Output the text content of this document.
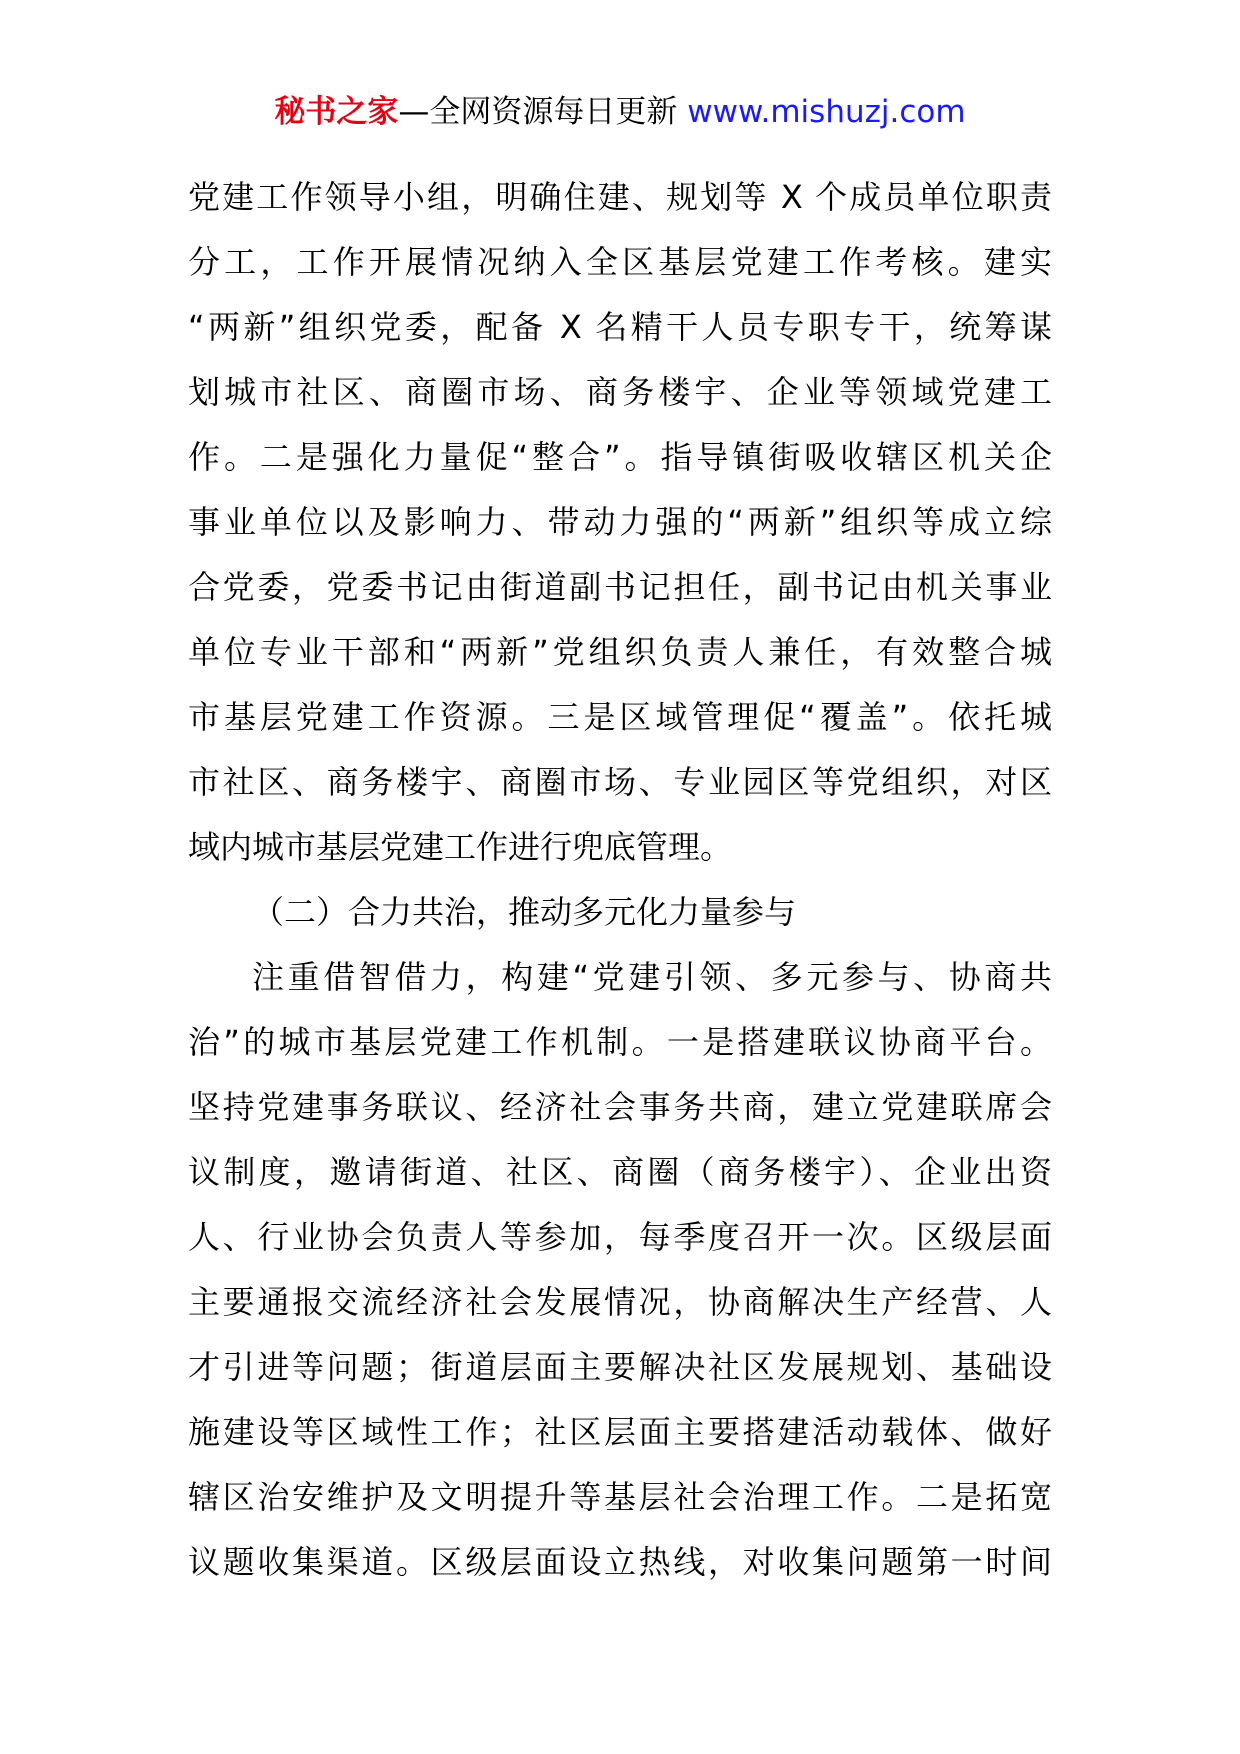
秘书之家—全网资源每日更新 www.mishuzj.com
党建工作领导小组，明确住建、规划等 X 个成员单位职责
分工，工作开展情况纳入全区基层党建工作考核。建实
“两新”组织党委，配备 X 名精干人员专职专干，统筹谋
划城市社区、商圈市场、商务楼宇、企业等领域党建工
作。二是强化力量促“整合”。指导镇街吸收辖区机关企
事业单位以及影响力、带动力强的“两新”组织等成立综
合党委，党委书记由街道副书记担任，副书记由机关事业
单位专业干部和“两新”党组织负责人兼任，有效整合城
市基层党建工作资源。三是区域管理促“覆盖”。依托城
市社区、商务楼宇、商圈市场、专业园区等党组织，对区
域内城市基层党建工作进行兜底管理。
（二）合力共治，推动多元化力量参与
注重借智借力，构建“党建引领、多元参与、协商共
治”的城市基层党建工作机制。一是搭建联议协商平台。
坚持党建事务联议、经济社会事务共商，建立党建联席会
议制度，邀请街道、社区、商圈（商务楼宇）、企业出资
人、行业协会负责人等参加，每季度召开一次。区级层面
主要通报交流经济社会发展情况，协商解决生产经营、人
才引进等问题；街道层面主要解决社区发展规划、基础设
施建设等区域性工作；社区层面主要搭建活动载体、做好
辖区治安维护及文明提升等基层社会治理工作。二是拓宽
议题收集渠道。区级层面设立热线，对收集问题第一时间
